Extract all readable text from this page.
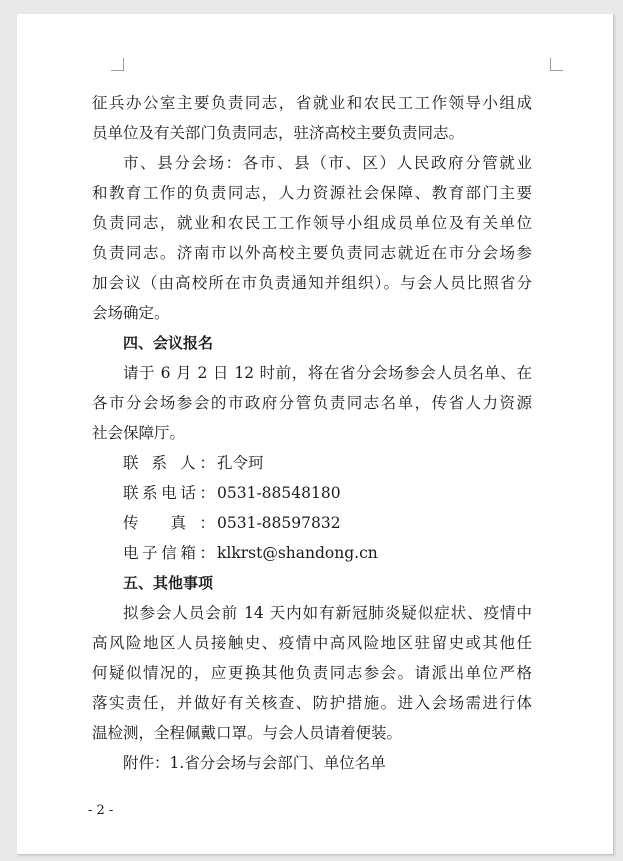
征兵办公室主要负责同志，省就业和农民工工作领导小组成
员单位及有关部门负责同志，驻济高校主要负责同志。
市、县分会场：各市、县（市、区）人民政府分管就业
和教育工作的负责同志，人力资源社会保障、教育部门主要
负责同志，就业和农民工工作领导小组成员单位及有关单位
负责同志。济南市以外高校主要负责同志就近在市分会场参
加会议（由高校所在市负责通知并组织）。与会人员比照省分
会场确定。
四、会议报名
请于 6 月 2 日 12 时前，将在省分会场参会人员名单、在
各市分会场参会的市政府分管负责同志名单，传省人力资源
社会保障厅。
联 系 人： 孔令珂
联系电话： 0531-88548180
传 真： 0531-88597832
电子信箱： klkrst@shandong.cn
五、其他事项
拟参会人员会前 14 天内如有新冠肺炎疑似症状、疫情中
高风险地区人员接触史、疫情中高风险地区驻留史或其他任
何疑似情况的，应更换其他负责同志参会。请派出单位严格
落实责任，并做好有关核查、防护措施。进入会场需进行体
温检测，全程佩戴口罩。与会人员请着便装。
附件：1.省分会场与会部门、单位名单
- 2 -
